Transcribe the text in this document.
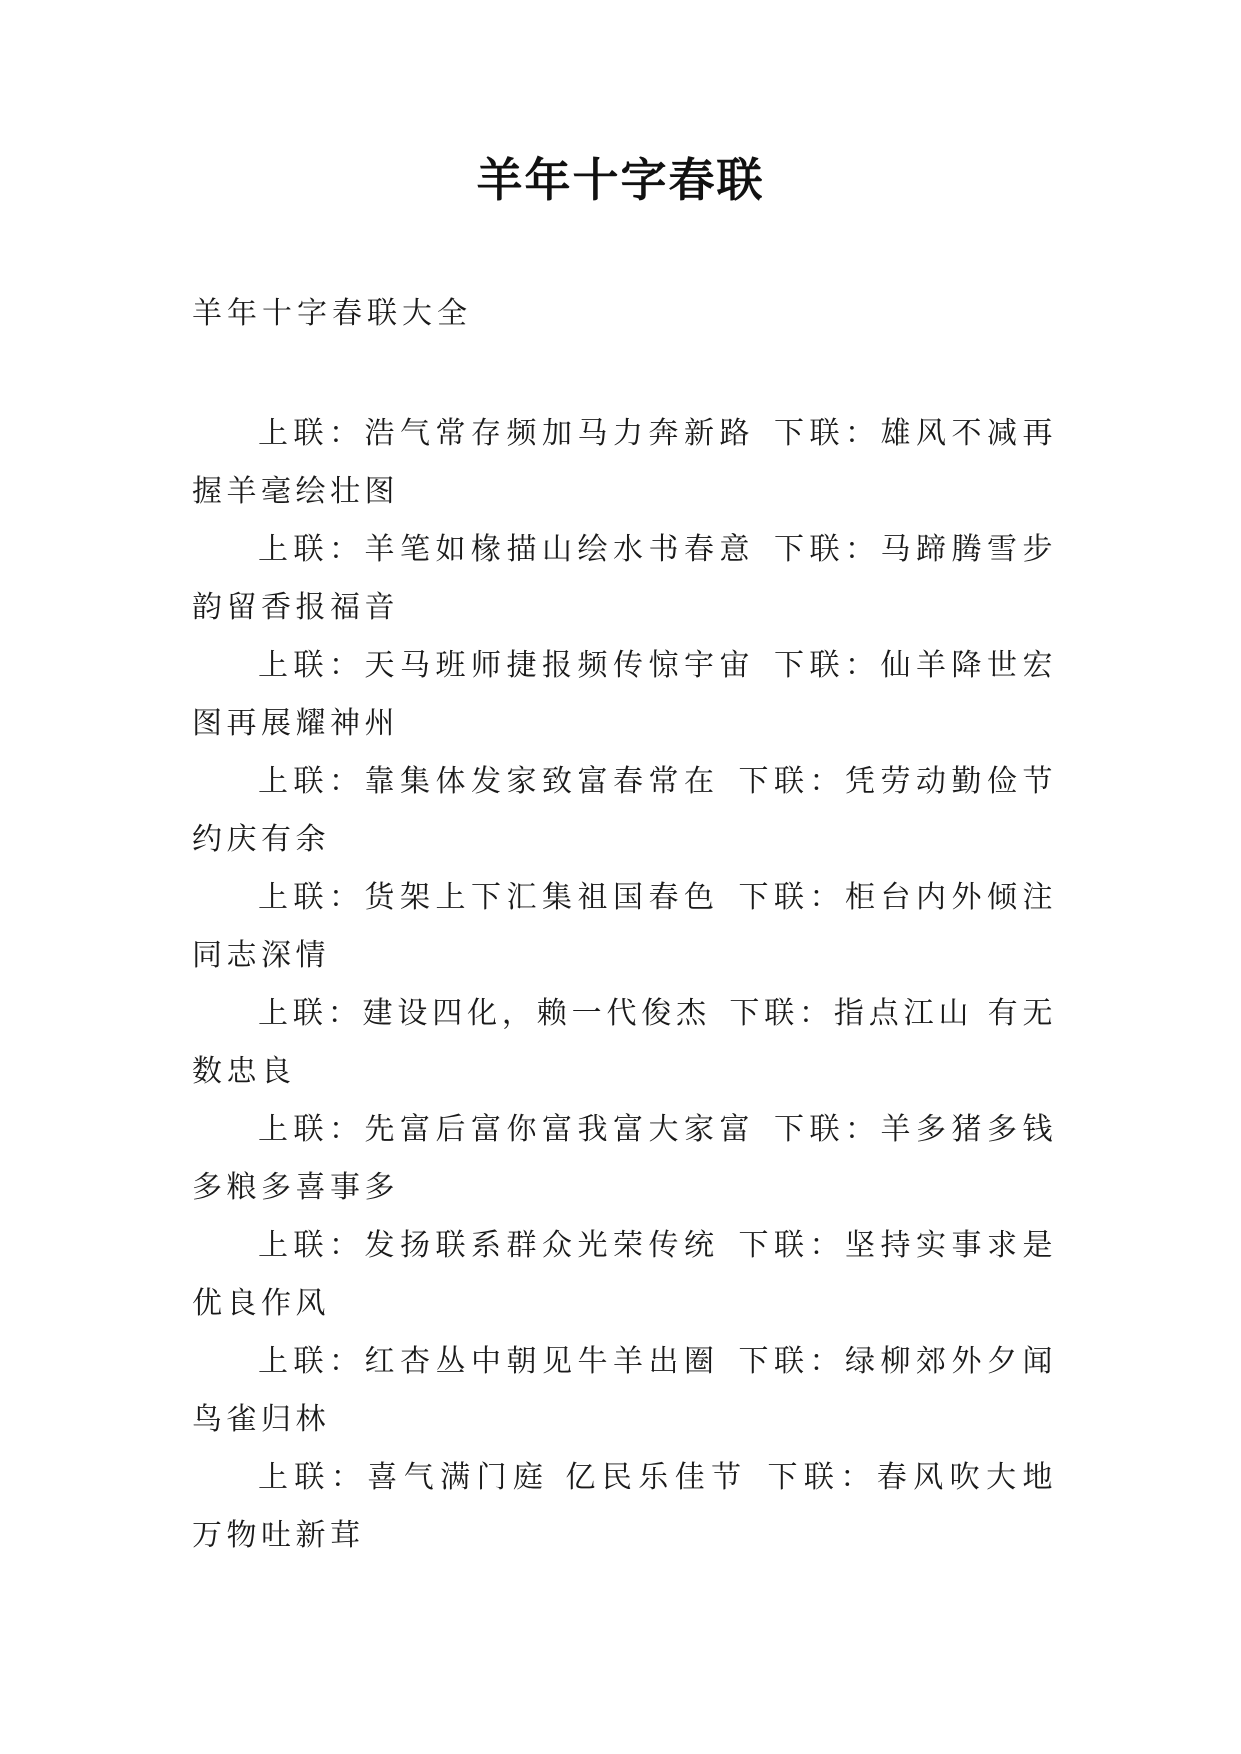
羊年十字春联
羊年十字春联大全

上联：浩气常存频加马力奔新路 下联：雄风不减再握羊毫绘壮图

上联：羊笔如椽描山绘水书春意 下联：马蹄腾雪步韵留香报福音

上联：天马班师捷报频传惊宇宙 下联：仙羊降世宏图再展耀神州

上联：靠集体发家致富春常在 下联：凭劳动勤俭节约庆有余

上联：货架上下汇集祖国春色 下联：柜台内外倾注同志深情

上联：建设四化，赖一代俊杰 下联：指点江山 有无数忠良

上联：先富后富你富我富大家富 下联：羊多猪多钱多粮多喜事多

上联：发扬联系群众光荣传统 下联：坚持实事求是优良作风

上联：红杏丛中朝见牛羊出圈 下联：绿柳郊外夕闻鸟雀归林

上联：喜气满门庭 亿民乐佳节 下联：春风吹大地 万物吐新茸
